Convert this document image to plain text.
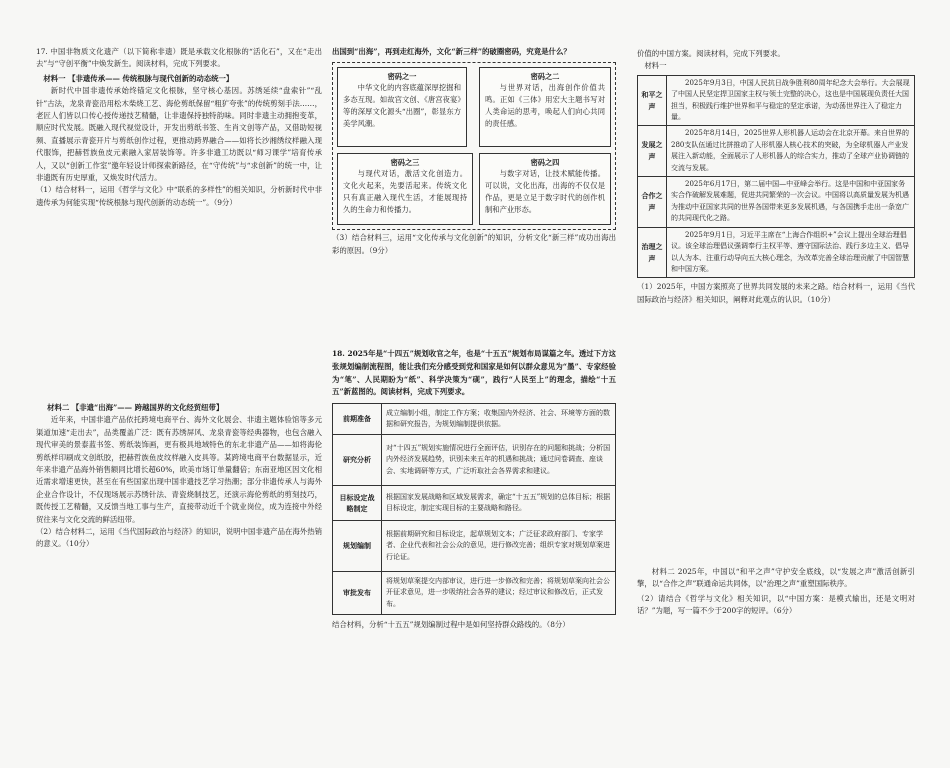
17. 中国非物质文化遗产（以下简称非遗）既是承载文化根脉的“活化石”，又在“走出去”与“守创平衡”中焕发新生。阅读材料，完成下列要求。

材料一 【非遗传承—— 传统根脉与现代创新的动态统一】

新时代中国非遗传承始终锚定文化根脉，坚守核心基因。苏绣延续“盘索针”“乱针”古法，龙泉青瓷沿用松木柴烧工艺、海伦剪纸保留“粗犷夸张”的传统剪刻手法……，老匠人们皆以口传心授传递技艺精髓，让非遗保持独特韵味。同时非遗主动拥抱变革，顺应时代发展。既融入现代视觉设计，开发出剪纸书签、生肖文创等产品，又借助短视频、直播展示青瓷开片与剪纸创作过程，更推动跨界融合——如将长沙湘绣纹样融入现代服饰，把赫哲族鱼皮元素融入家居装饰等。许多非遗工坊既以“师习课学”培育传承人，又以“创新工作室”邀年轻设计师探索新路径，在“守传统”与“求创新”的统一中，让非遗既有历史厚重，又焕发时代活力。

（1）结合材料一，运用《哲学与文化》中“联系的多样性”的相关知识，分析新时代中非遗传承为何能实现“传统根脉与现代创新的动态统一”。（9分）

材料二 【非遗“出海”—— 跨越国界的文化经贸纽带】

近年来，中国非遗产品依托跨境电商平台、海外文化展会、非遗主题体验馆等多元渠道加速“走出去”，品类覆盖广泛：既有苏绣屏风、龙泉青瓷等经典器物，也包含融入现代审美的景泰蓝书签、剪纸装饰画，更有极具地域特色的东北非遗产品——如将海伦剪纸样印刷成文创纸胶，把赫哲族鱼皮纹样融入皮具等。某跨境电商平台数据显示，近年来非遗产品海外销售额同比增长超60%，欧美市场订单量翻倍；东南亚地区因文化相近需求增速更快，甚至在有些国家出现中国非遗技艺学习热潮；部分非遗传承人与海外企业合作设计，不仅现场展示苏绣针法、青瓷烧制技艺，还演示海伦剪纸的剪刻技巧，既传授工艺精髓，又反馈当地工事与生产，直接带动近千个就业岗位，成为连接中外经贸往来与文化交流的鲜活纽带。

（2）结合材料二，运用《当代国际政治与经济》的知识，说明中国非遗产品在海外热销的意义。（10分）

出国到“出海”，再到走红海外，文化“新三样”的破圈密码，究竟是什么？

密码之一
中华文化的内容底蕴深厚挖掘和多态互现。如故宫文创、《唐宫夜宴》等的深厚文化源头“出圈”，彰显东方美学风潮。
密码之二
与世界对话，出海创作价值共鸣。正如《三体》用宏大主题书写对人类命运的思考，唤起人们向心共同的责任感。
密码之三
与现代对话，激活文化创造力。文化火起来，先要活起来。传统文化只有真正融入现代生活，才能展现持久的生命力和传播力。
密码之四
与数字对话，让技术赋能传播。可以说，文化出海，出海的不仅仅是作品，更是立足于数字时代的创作机制和产业形态。

（3）结合材料三，运用“文化传承与文化创新”的知识，分析文化“新三样”成功出海出彩的原因。（9分）

18. 2025年是“十四五”规划收官之年，也是“十五五”规划布局谋篇之年。透过下方这张规划编制流程图，能让我们充分感受到党和国家是如何以群众意见为“墨”、专家经验为“笔”、人民期盼为“纸”、科学决策为“砚”，践行“人民至上”的理念，描绘“十五五”新蓝图的。阅读材料，完成下列要求。

前期准备	成立编制小组，制定工作方案；收集国内外经济、社会、环境等方面的数据和研究报告，为规划编制提供依据。
研究分析	对“十四五”规划实施情况进行全面评估，识别存在的问题和挑战；分析国内外经济发展趋势，识别未来五年的机遇和挑战；通过问卷调查、座谈会、实地调研等方式，广泛听取社会各界需求和建议。
目标设定战略制定	根据国家发展战略和区域发展需求，确定“十五五”规划的总体目标；根据目标设定，制定实现目标的主要战略和路径。
规划编制	根据前期研究和目标设定，起草规划文本；广泛征求政府部门、专家学者、企业代表和社会公众的意见，进行修改完善；组织专家对规划草案进行论证。
审批发布	将规划草案提交内部审议，进行进一步修改和完善；将规划草案向社会公开征求意见，进一步吸纳社会各界的建议；经过审议和修改后，正式发布。

结合材料，分析“十五五”规划编制过程中是如何坚持群众路线的。（8分）

价值的中国方案。阅读材料，完成下列要求。

材料一

和平之声	2025年9月3日，中国人民抗日战争胜利80周年纪念大会举行。大会展现了中国人民坚定捍卫国家主权与领土完整的决心，这也是中国展现负责任大国担当，积极践行维护世界和平与稳定的坚定承诺，为动荡世界注入了稳定力量。
发展之声	2025年8月14日，2025世界人形机器人运动会在北京开幕。来自世界的280支队伍通过比拼推动了人形机器人核心技术的突破，为全球机器人产业发展注入新动能，全面展示了人形机器人的综合实力，推动了全球产业协调链的交流与发展。
合作之声	2025年6月17日，第二届中国—中亚峰会举行。这是中国和中亚国家务实合作破解发展难题，促进共同繁荣的一次会议。中国将以高质量发展为机遇为推动中亚国家共同的世界各国带来更多发展机遇，与各国携手走出一条宽广的共同现代化之路。
治理之声	2025年9月1日，习近平主席在“上海合作组织+”会议上提出全球治理倡议。该全球治理倡议强调奉行主权平等、遵守国际法治、践行多边主义、倡导以人为本、注重行动导向五大核心理念，为改革完善全球治理贡献了中国智慧和中国方案。

（1）2025年，中国方案照亮了世界共同发展的未来之路。结合材料一，运用《当代国际政治与经济》相关知识，阐释对此观点的认识。（10分）

材料二 2025年，中国以“和平之声”守护安全底线，以“发展之声”激活创新引擎，以“合作之声”联通命运共同体，以“治理之声”重塑国际秩序。

（2）请结合《哲学与文化》相关知识，以“中国方案：是模式输出，还是文明对话？”为题，写一篇不少于200字的短评。（6分）
